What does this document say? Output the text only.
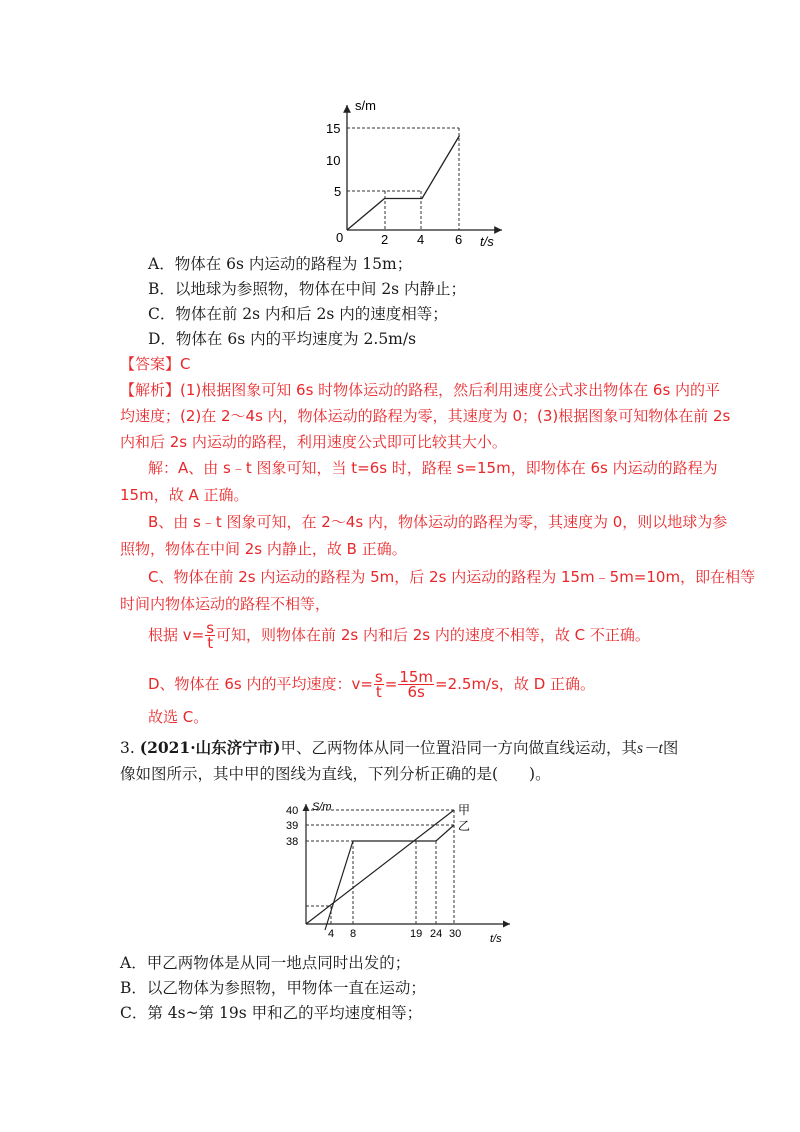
s/m
t/s
0
5
10
15
2 4 6
A．物体在 6s 内运动的路程为 15m；
B．以地球为参照物，物体在中间 2s 内静止；
C．物体在前 2s 内和后 2s 内的速度相等；
D．物体在 6s 内的平均速度为 2.5m/s
【答案】C
【解析】(1)根据图象可知 6s 时物体运动的路程，然后利用速度公式求出物体在 6s 内的平
均速度；(2)在 2～4s 内，物体运动的路程为零，其速度为 0；(3)根据图象可知物体在前 2s
内和后 2s 内运动的路程，利用速度公式即可比较其大小。
解：A、由 s﹣t 图象可知，当 t=6s 时，路程 s=15m，即物体在 6s 内运动的路程为
15m，故 A 正确。
B、由 s﹣t 图象可知，在 2～4s 内，物体运动的路程为零，其速度为 0，则以地球为参
照物，物体在中间 2s 内静止，故 B 正确。
C、物体在前 2s 内运动的路程为 5m，后 2s 内运动的路程为 15m﹣5m=10m，即在相等
时间内物体运动的路程不相等，
根据 $v= \frac{s}{t}$ 可知，则物体在前 2s 内和后 2s 内的速度不相等，故 C 不正确。
D、物体在 6s 内的平均速度：$v= \frac{s}{t} = \frac{15m}{6s} =2.5m/s$，故 D 正确。
故选 C。
3. (2021·山东济宁市)甲、乙两物体从同一位置沿同一方向做直线运动，其s－t图
像如图所示，其中甲的图线为直线，下列分析正确的是(　　)。
S/m
t/s
40
39
38
4 8	19 24 30
甲
乙
A．甲乙两物体是从同一地点同时出发的；
B．以乙物体为参照物，甲物体一直在运动；
C．第 4s~第 19s 甲和乙的平均速度相等；
